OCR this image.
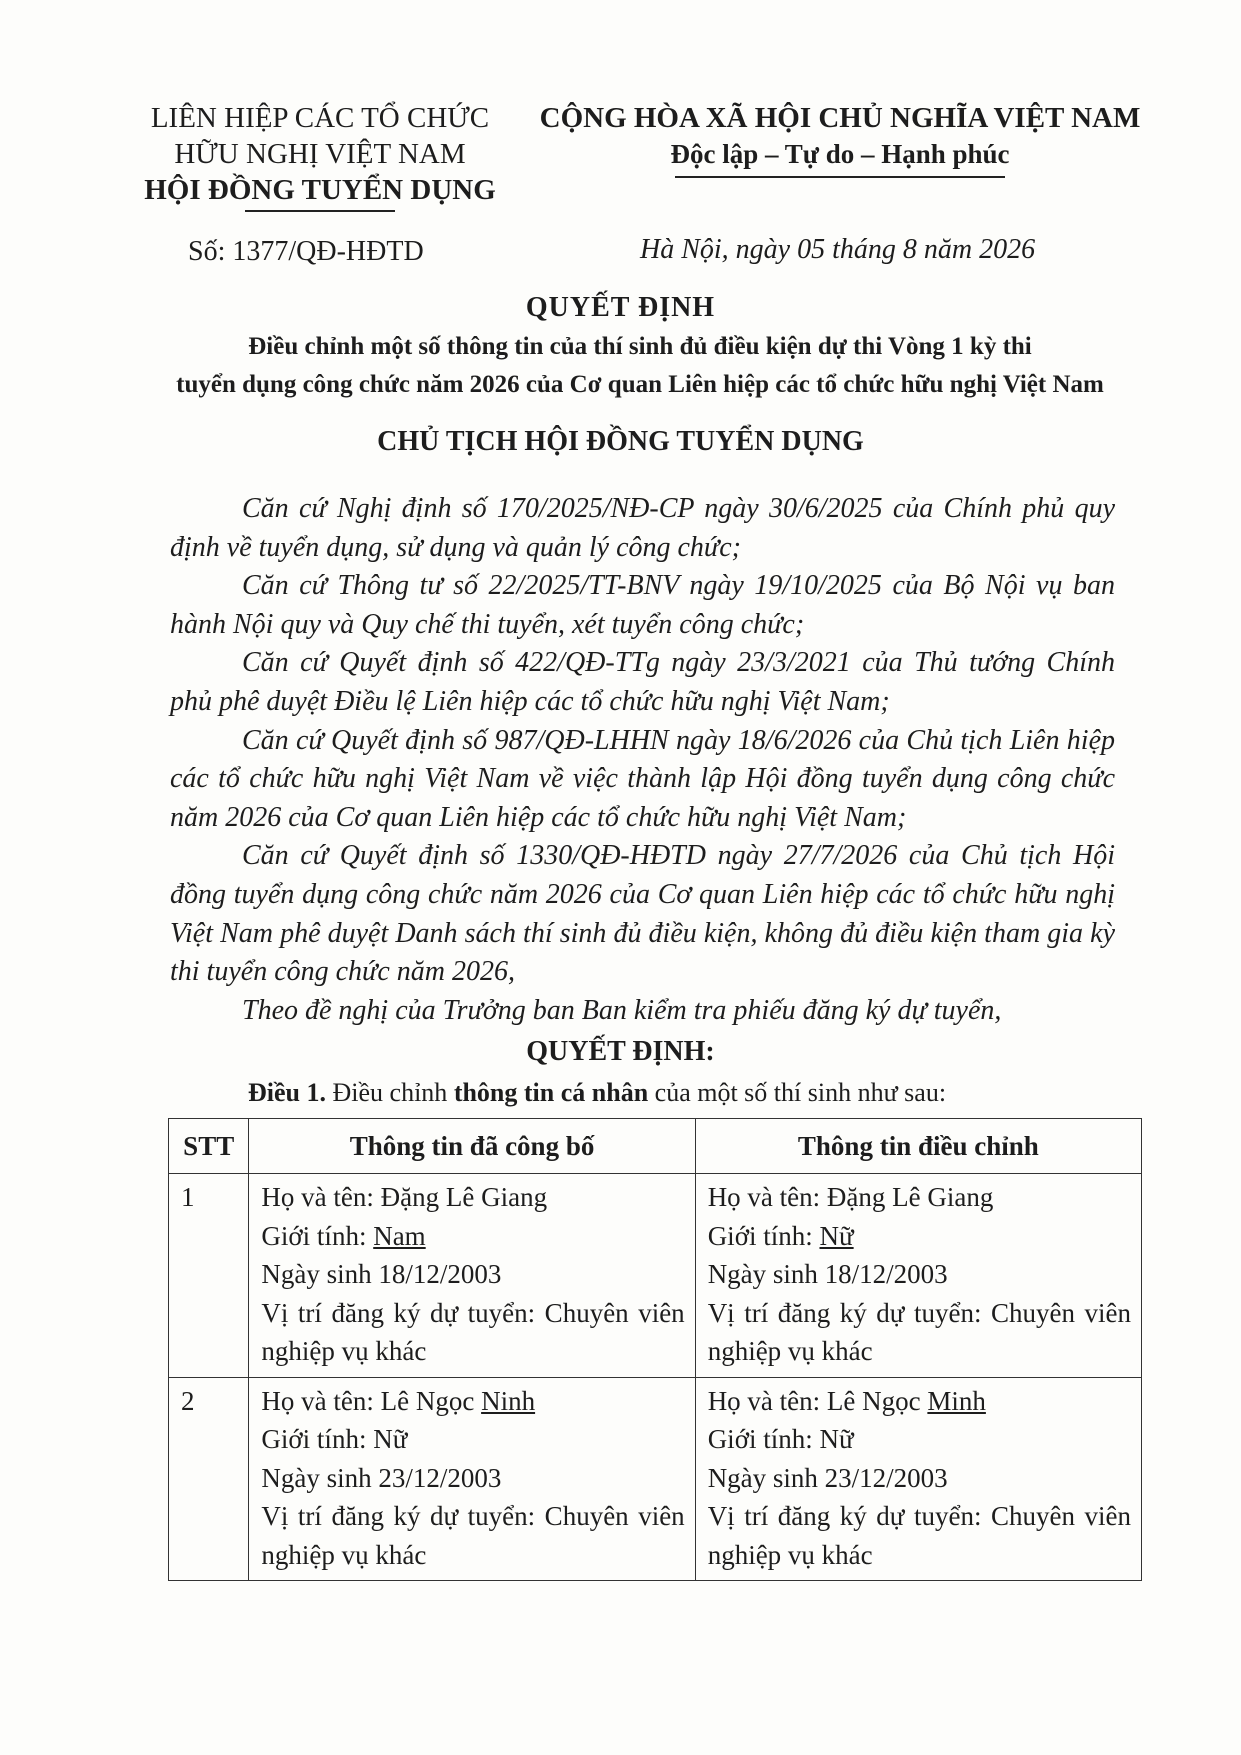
LIÊN HIỆP CÁC TỔ CHỨC
HỮU NGHỊ VIỆT NAM
HỘI ĐỒNG TUYỂN DỤNG
CỘNG HÒA XÃ HỘI CHỦ NGHĨA VIỆT NAM
Độc lập – Tự do – Hạnh phúc
Số: 1377/QĐ-HĐTD	Hà Nội, ngày 05 tháng 8 năm 2026
QUYẾT ĐỊNH
Điều chỉnh một số thông tin của thí sinh đủ điều kiện dự thi Vòng 1 kỳ thi
tuyển dụng công chức năm 2026 của Cơ quan Liên hiệp các tổ chức hữu nghị Việt Nam
CHỦ TỊCH HỘI ĐỒNG TUYỂN DỤNG

Căn cứ Nghị định số 170/2025/NĐ-CP ngày 30/6/2025 của Chính phủ quy định về tuyển dụng, sử dụng và quản lý công chức;

Căn cứ Thông tư số 22/2025/TT-BNV ngày 19/10/2025 của Bộ Nội vụ ban hành Nội quy và Quy chế thi tuyển, xét tuyển công chức;

Căn cứ Quyết định số 422/QĐ-TTg ngày 23/3/2021 của Thủ tướng Chính phủ phê duyệt Điều lệ Liên hiệp các tổ chức hữu nghị Việt Nam;

Căn cứ Quyết định số 987/QĐ-LHHN ngày 18/6/2026 của Chủ tịch Liên hiệp các tổ chức hữu nghị Việt Nam về việc thành lập Hội đồng tuyển dụng công chức năm 2026 của Cơ quan Liên hiệp các tổ chức hữu nghị Việt Nam;

Căn cứ Quyết định số 1330/QĐ-HĐTD ngày 27/7/2026 của Chủ tịch Hội đồng tuyển dụng công chức năm 2026 của Cơ quan Liên hiệp các tổ chức hữu nghị Việt Nam phê duyệt Danh sách thí sinh đủ điều kiện, không đủ điều kiện tham gia kỳ thi tuyển công chức năm 2026,

Theo đề nghị của Trưởng ban Ban kiểm tra phiếu đăng ký dự tuyển,

QUYẾT ĐỊNH:
Điều 1. Điều chỉnh thông tin cá nhân của một số thí sinh như sau:
STT	Thông tin đã công bố	Thông tin điều chỉnh
1	Họ và tên: Đặng Lê Giang
Giới tính: Nam
Ngày sinh 18/12/2003
Vị trí đăng ký dự tuyển: Chuyên viên nghiệp vụ khác	Họ và tên: Đặng Lê Giang
Giới tính: Nữ
Ngày sinh 18/12/2003
Vị trí đăng ký dự tuyển: Chuyên viên nghiệp vụ khác

2	Họ và tên: Lê Ngọc Ninh
Giới tính: Nữ
Ngày sinh 23/12/2003
Vị trí đăng ký dự tuyển: Chuyên viên nghiệp vụ khác	Họ và tên: Lê Ngọc Minh
Giới tính: Nữ
Ngày sinh 23/12/2003
Vị trí đăng ký dự tuyển: Chuyên viên nghiệp vụ khác
